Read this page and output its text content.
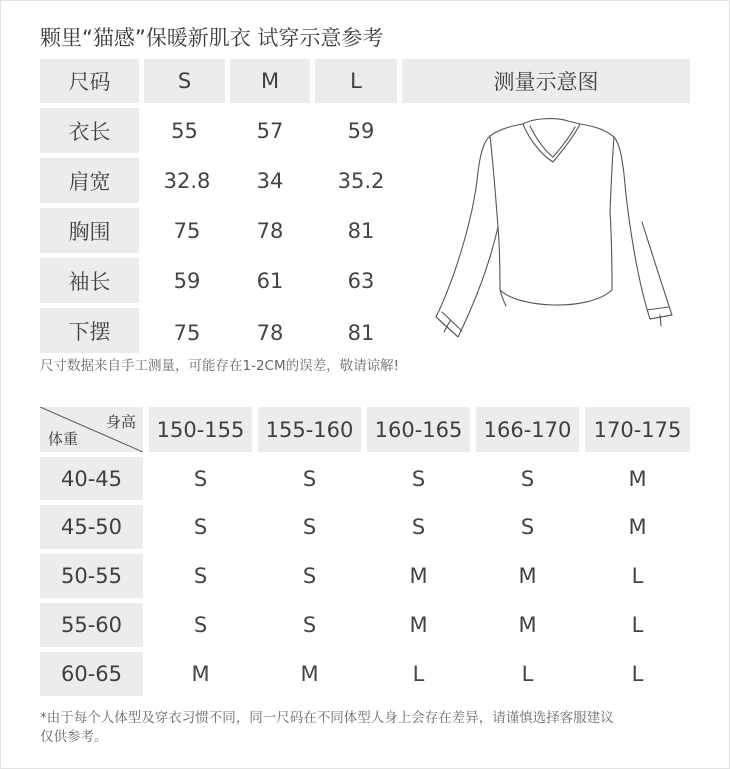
颗里“猫感”保暖新肌衣 试穿示意参考
尺码	S	M	L	测量示意图
衣长	55	57	59
肩宽	32.8	34	35.2
胸围	75	78	81
袖长	59	61	63
下摆	75	78	81
尺寸数据来自手工测量，可能存在1-2CM的误差，敬请谅解!
身高
体重	150-155	155-160	160-165	166-170	170-175
40-45	S	S	S	S	M
45-50	S	S	S	S	M
50-55	S	S	M	M	L
55-60	S	S	M	M	L
60-65	M	M	L	L	L
*由于每个人体型及穿衣习惯不同，同一尺码在不同体型人身上会存在差异，请谨慎选择客服建议
仅供参考。
